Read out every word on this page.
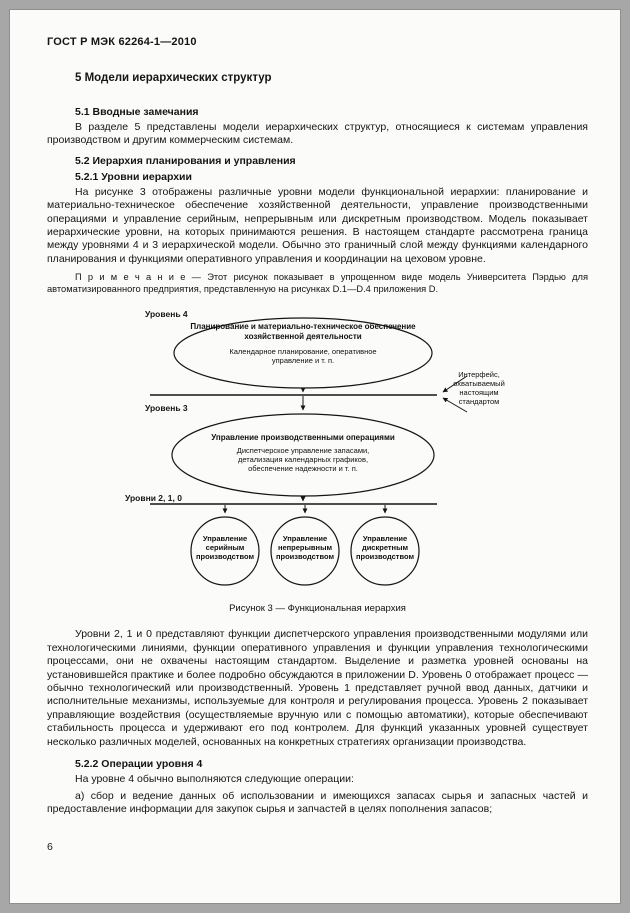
ГОСТ Р МЭК 62264-1—2010
5 Модели иерархических структур
5.1 Вводные замечания

В разделе 5 представлены модели иерархических структур, относящиеся к системам управления производством и другим коммерческим системам.

5.2 Иерархия планирования и управления
5.2.1 Уровни иерархии

На рисунке 3 отображены различные уровни модели функциональной иерархии: планирование и материально-техническое обеспечение хозяйственной деятельности, управление производственными операциями и управление серийным, непрерывным или дискретным производством. Модель показывает иерархические уровни, на которых принимаются решения. В настоящем стандарте рассмотрена граница между уровнями 4 и 3 иерархической модели. Обычно это граничный слой между функциями календарного планирования и функциями оперативного управления и координации на цеховом уровне.

П р и м е ч а н и е — Этот рисунок показывает в упрощенном виде модель Университета Пэрдью для автоматизированного предприятия, представленную на рисунках D.1—D.4 приложения D.

Уровень 4
Планирование и материально-техническое обеспечение хозяйственной деятельности
Календарное планирование, оперативное управление и т. п.
Интерфейс, охватываемый настоящим стандартом
Уровень 3
Управление производственными операциями
Диспетчерское управление запасами, детализация календарных графиков, обеспечение надежности и т. п.
Уровни 2, 1, 0
Управление серийным производством
Управление непрерывным производством
Управление дискретным производством
Рисунок 3 — Функциональная иерархия

Уровни 2, 1 и 0 представляют функции диспетчерского управления производственными модулями или технологическими линиями, функции оперативного управления и функции управления технологическими процессами, они не охвачены настоящим стандартом. Выделение и разметка уровней основаны на установившейся практике и более подробно обсуждаются в приложении D. Уровень 0 отображает процесс — обычно технологический или производственный. Уровень 1 представляет ручной ввод данных, датчики и исполнительные механизмы, используемые для контроля и регулирования процесса. Уровень 2 показывает управляющие воздействия (осуществляемые вручную или с помощью автоматики), которые обеспечивают стабильность процесса и удерживают его под контролем. Для функций указанных уровней существует несколько различных моделей, основанных на конкретных стратегиях организации производства.

5.2.2 Операции уровня 4

На уровне 4 обычно выполняются следующие операции:

а) сбор и ведение данных об использовании и имеющихся запасах сырья и запасных частей и предоставление информации для закупок сырья и запчастей в целях пополнения запасов;

6
